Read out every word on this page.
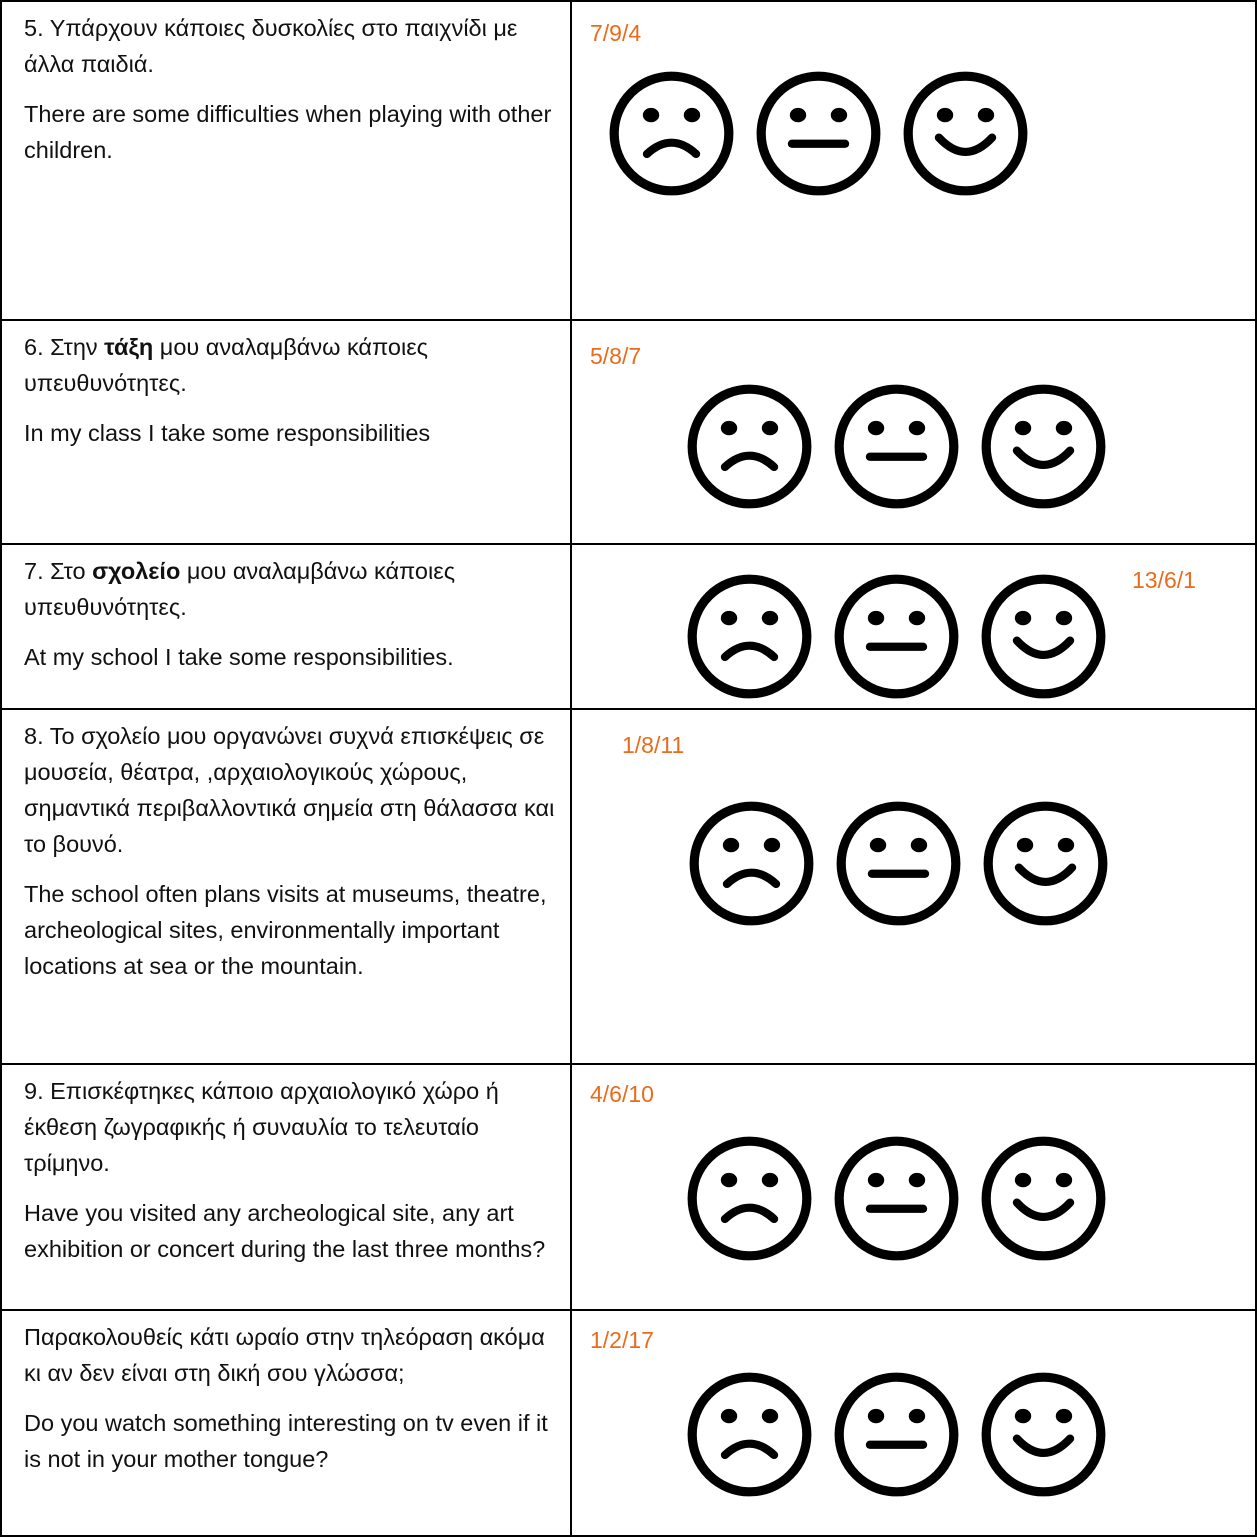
5. Υπάρχουν κάποιες δυσκολίες στο παιχνίδι με άλλα παιδιά.

There are some difficulties when playing with other children.

7/9/4

6. Στην τάξη μου αναλαμβάνω κάποιες υπευθυνότητες.

In my class I take some responsibilities

5/8/7

7. Στο σχολείο μου αναλαμβάνω κάποιες υπευθυνότητες.

At my school I take some responsibilities.

13/6/1

8. Το σχολείο μου οργανώνει συχνά επισκέψεις σε μουσεία, θέατρα, ,αρχαιολογικούς χώρους, σημαντικά περιβαλλοντικά σημεία στη θάλασσα και το βουνό.

The school often plans visits at museums, theatre, archeological sites, environmentally important locations at sea or the mountain.

1/8/11

9. Επισκέφτηκες κάποιο αρχαιολογικό χώρο ή έκθεση ζωγραφικής ή συναυλία το τελευταίο τρίμηνο.

Have you visited any archeological site, any art exhibition or concert during the last three months?

4/6/10

Παρακολουθείς κάτι ωραίο στην τηλεόραση ακόμα κι αν δεν είναι στη δική σου γλώσσα;

Do you watch something interesting on tv even if it is not in your mother tongue?

1/2/17
